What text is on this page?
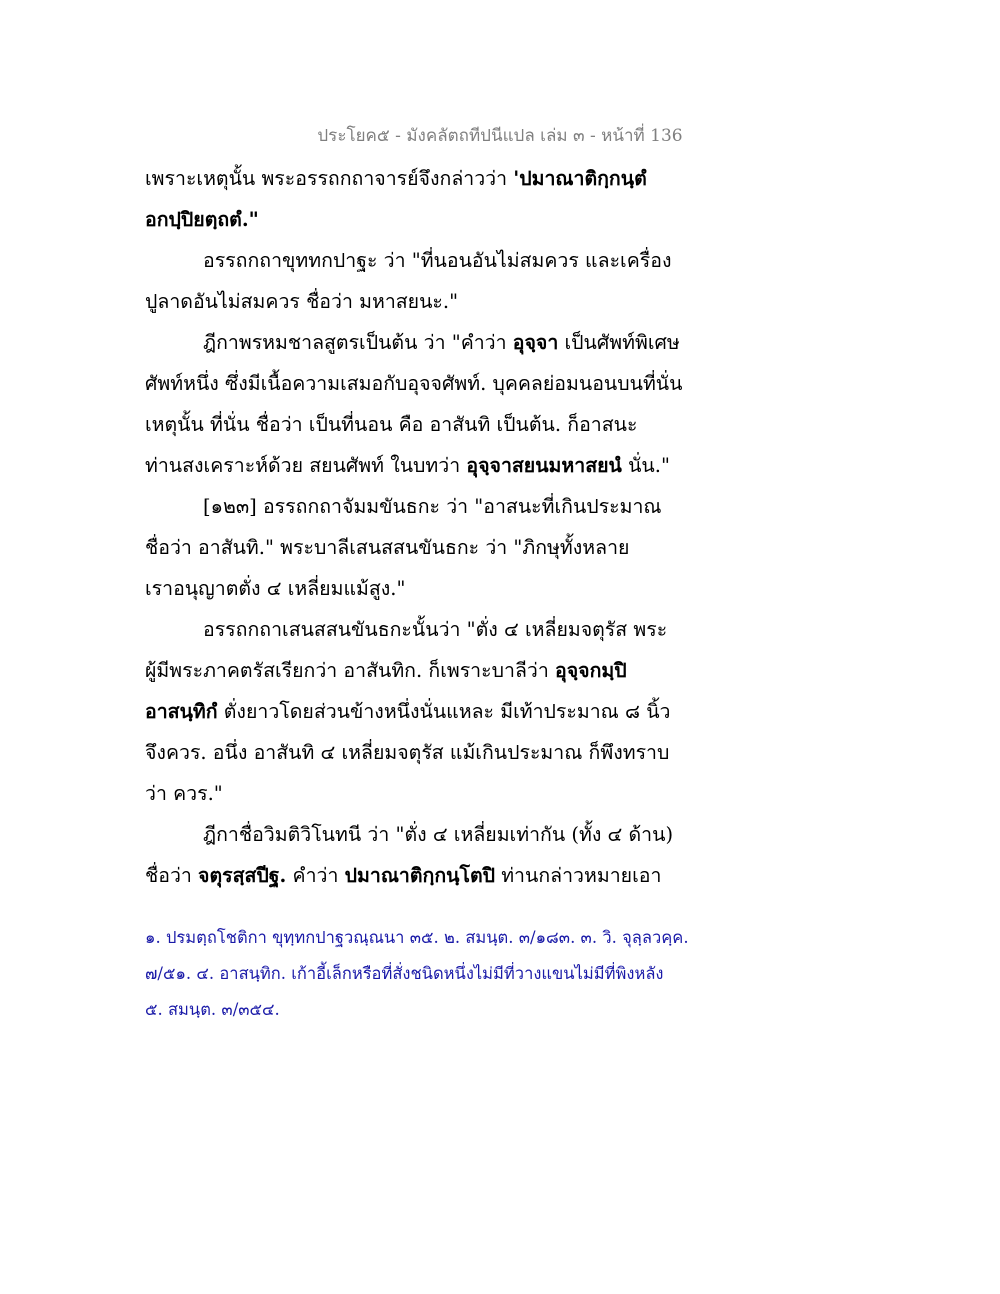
ประโยค๕ - มังคลัตถทีปนีแปล เล่ม ๓ - หน้าที่ 136
เพราะเหตุนั้น พระอรรถกถาจารย์จึงกล่าวว่า 'ปมาณาติกฺกนฺตํ
อกปฺปิยตฺถตํ."
อรรถกถาขุททกปาฐะ ว่า "ที่นอนอันไม่สมควร และเครื่อง
ปูลาดอันไม่สมควร ชื่อว่า มหาสยนะ."
ฎีกาพรหมชาลสูตรเป็นต้น ว่า "คำว่า อุจฺจา เป็นศัพท์พิเศษ
ศัพท์หนึ่ง ซึ่งมีเนื้อความเสมอกับอุจจศัพท์. บุคคลย่อมนอนบนที่นั่น
เหตุนั้น ที่นั่น ชื่อว่า เป็นที่นอน คือ อาสันทิ เป็นต้น. ก็อาสนะ
ท่านสงเคราะห์ด้วย สยนศัพท์ ในบทว่า อุจฺจาสยนมหาสยนํ นั่น."
[๑๒๓] อรรถกถาจัมมขันธกะ ว่า "อาสนะที่เกินประมาณ
ชื่อว่า อาสันทิ." พระบาลีเสนสสนขันธกะ ว่า "ภิกษุทั้งหลาย
เราอนุญาตตั่ง ๔ เหลี่ยมแม้สูง."
อรรถกถาเสนสสนขันธกะนั้นว่า "ตั่ง ๔ เหลี่ยมจตุรัส พระ
ผู้มีพระภาคตรัสเรียกว่า อาสันทิก. ก็เพราะบาลีว่า อุจฺจกมฺปิ
อาสนฺทิกํ ตั่งยาวโดยส่วนข้างหนึ่งนั่นแหละ มีเท้าประมาณ ๘ นิ้ว
จึงควร. อนึ่ง อาสันทิ ๔ เหลี่ยมจตุรัส แม้เกินประมาณ ก็พึงทราบ
ว่า ควร."
ฎีกาชื่อวิมติวิโนทนี ว่า "ตั่ง ๔ เหลี่ยมเท่ากัน (ทั้ง ๔ ด้าน)
ชื่อว่า จตุรสฺสปีฐ. คำว่า ปมาณาติกฺกนฺโตปิ ท่านกล่าวหมายเอา
๑. ปรมตฺถโชติกา ขุทฺทกปาฐวณฺณนา ๓๕. ๒. สมนฺต. ๓/๑๘๓. ๓. วิ. จุลฺลวคฺค.
๗/๕๑. ๔. อาสนฺทิก. เก้าอี้เล็กหรือที่สั่งชนิดหนึ่งไม่มีที่วางแขนไม่มีที่พิงหลัง
๕. สมนฺต. ๓/๓๕๔.
